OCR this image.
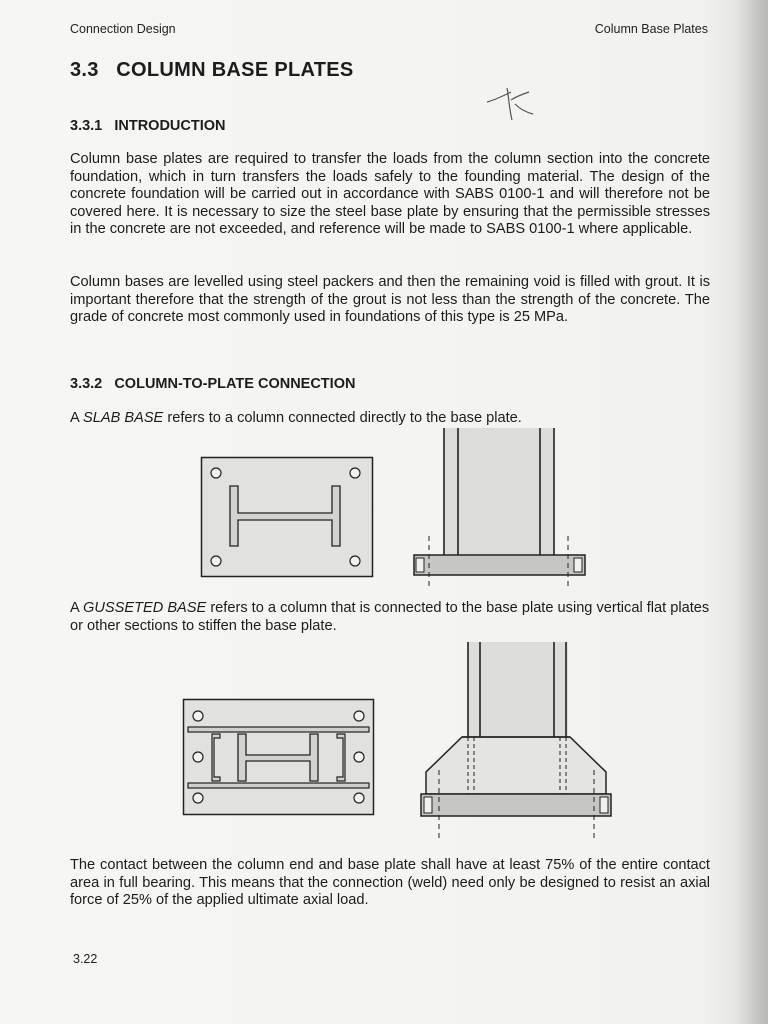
Connection Design	Column Base Plates
3.3   COLUMN BASE PLATES
3.3.1   INTRODUCTION
Column base plates are required to transfer the loads from the column section into the concrete foundation, which in turn transfers the loads safely to the founding material. The design of the concrete foundation will be carried out in accordance with SABS 0100-1 and will therefore not be covered here. It is necessary to size the steel base plate by ensuring that the permissible stresses in the concrete are not exceeded, and reference will be made to SABS 0100-1 where applicable.
Column bases are levelled using steel packers and then the remaining void is filled with grout. It is important therefore that the strength of the grout is not less than the strength of the concrete. The grade of concrete most commonly used in foundations of this type is 25 MPa.
3.3.2   COLUMN-TO-PLATE CONNECTION
A SLAB BASE refers to a column connected directly to the base plate.
A GUSSETED BASE refers to a column that is connected to the base plate using vertical flat plates or other sections to stiffen the base plate.
The contact between the column end and base plate shall have at least 75% of the entire contact area in full bearing. This means that the connection (weld) need only be designed to resist an axial force of 25% of the applied ultimate axial load.
3.22
